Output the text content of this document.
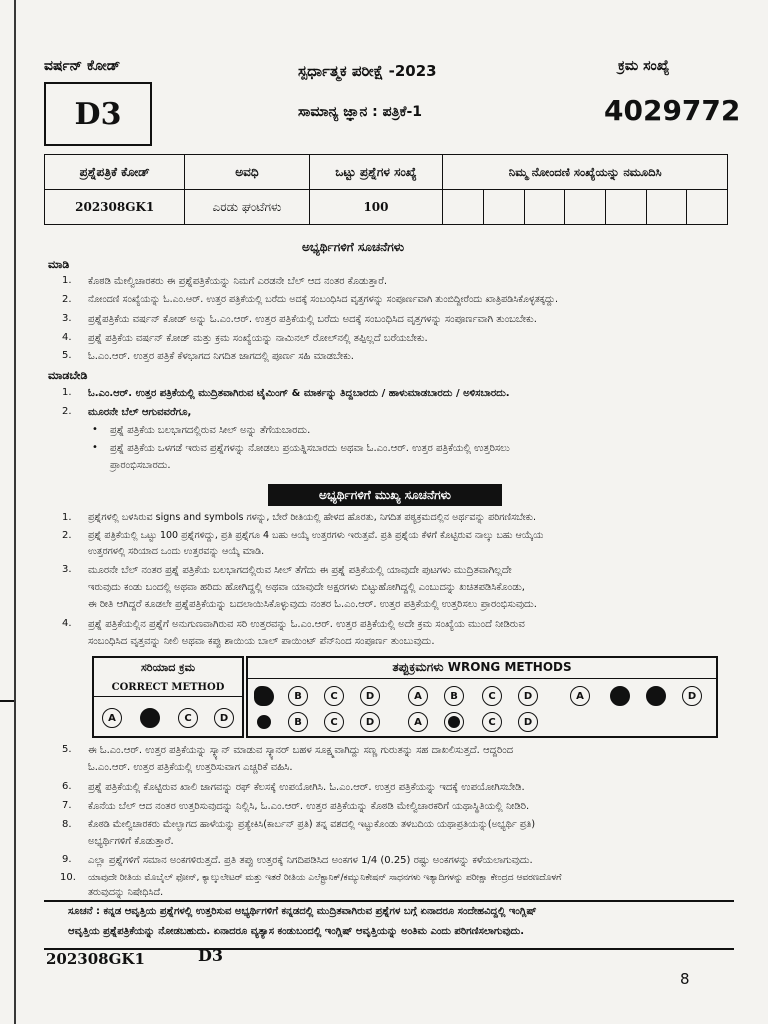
ವರ್ಷನ್ ಕೋಡ್
D3
ಸ್ಪರ್ಧಾತ್ಮಕ ಪರೀಕ್ಷೆ -2023
ಸಾಮಾನ್ಯ ಜ್ಞಾನ : ಪತ್ರಿಕೆ-1
ಕ್ರಮ ಸಂಖ್ಯೆ
4029772
ಪ್ರಶ್ನೆಪತ್ರಿಕೆ ಕೋಡ್	ಅವಧಿ	ಒಟ್ಟು ಪ್ರಶ್ನೆಗಳ ಸಂಖ್ಯೆ	ನಿಮ್ಮ ನೋಂದಣಿ ಸಂಖ್ಯೆಯನ್ನು ನಮೂದಿಸಿ						
202308GK1	ಎರಡು ಘಂಟೆಗಳು	100							
ಅಭ್ಯರ್ಥಿಗಳಿಗೆ ಸೂಚನೆಗಳು
ಮಾಡಿ
1. ಕೊಠಡಿ ಮೇಲ್ವಿಚಾರಕರು ಈ ಪ್ರಶ್ನೆಪತ್ರಿಕೆಯನ್ನು ನಿಮಗೆ ಎರಡನೇ ಬೆಲ್ ಆದ ನಂತರ ಕೊಡುತ್ತಾರೆ.
2. ನೋಂದಣಿ ಸಂಖ್ಯೆಯನ್ನು ಓ.ಎಂ.ಆರ್. ಉತ್ತರ ಪತ್ರಿಕೆಯಲ್ಲಿ ಬರೆದು ಅದಕ್ಕೆ ಸಂಬಂಧಿಸಿದ ವೃತ್ತಗಳನ್ನು ಸಂಪೂರ್ಣವಾಗಿ ತುಂಬಿದ್ದೀರೆಂದು ಖಾತ್ರಿಪಡಿಸಿಕೊಳ್ಳತಕ್ಕದ್ದು.
3. ಪ್ರಶ್ನೆಪತ್ರಿಕೆಯ ವರ್ಷನ್ ಕೋಡ್ ಅನ್ನು ಓ.ಎಂ.ಆರ್. ಉತ್ತರ ಪತ್ರಿಕೆಯಲ್ಲಿ ಬರೆದು ಅದಕ್ಕೆ ಸಂಬಂಧಿಸಿದ ವೃತ್ತಗಳನ್ನು ಸಂಪೂರ್ಣವಾಗಿ ತುಂಬಬೇಕು.
4. ಪ್ರಶ್ನೆ ಪತ್ರಿಕೆಯ ವರ್ಷನ್ ಕೋಡ್ ಮತ್ತು ಕ್ರಮ ಸಂಖ್ಯೆಯನ್ನು ನಾಮಿನಲ್ ರೋಲ್‌ನಲ್ಲಿ ತಪ್ಪಿಲ್ಲದೆ ಬರೆಯಬೇಕು.
5. ಓ.ಎಂ.ಆರ್. ಉತ್ತರ ಪತ್ರಿಕೆ ಕೆಳಭಾಗದ ನಿಗದಿತ ಜಾಗದಲ್ಲಿ ಪೂರ್ಣ ಸಹಿ ಮಾಡಬೇಕು.
ಮಾಡಬೇಡಿ
1. ಓ.ಎಂ.ಆರ್. ಉತ್ತರ ಪತ್ರಿಕೆಯಲ್ಲಿ ಮುದ್ರಿತವಾಗಿರುವ ಟೈಮಿಂಗ್ & ಮಾರ್ಕನ್ನು ತಿದ್ದಬಾರದು / ಹಾಳುಮಾಡಬಾರದು / ಅಳಿಸಬಾರದು.
2. ಮೂರನೇ ಬೆಲ್ ಆಗುವವರೆಗೂ,
• ಪ್ರಶ್ನೆ ಪತ್ರಿಕೆಯ ಬಲಭಾಗದಲ್ಲಿರುವ ಸೀಲ್ ಅನ್ನು ತೆಗೆಯಬಾರದು.
• ಪ್ರಶ್ನೆ ಪತ್ರಿಕೆಯ ಒಳಗಡೆ ಇರುವ ಪ್ರಶ್ನೆಗಳನ್ನು ನೋಡಲು ಪ್ರಯತ್ನಿಸಬಾರದು ಅಥವಾ ಓ.ಎಂ.ಆರ್. ಉತ್ತರ ಪತ್ರಿಕೆಯಲ್ಲಿ ಉತ್ತರಿಸಲು
ಪ್ರಾರಂಭಿಸಬಾರದು.
ಅಭ್ಯರ್ಥಿಗಳಿಗೆ ಮುಖ್ಯ ಸೂಚನೆಗಳು
1. ಪ್ರಶ್ನೆಗಳಲ್ಲಿ ಬಳಸಿರುವ signs and symbols ಗಳನ್ನು, ಬೇರೆ ರೀತಿಯಲ್ಲಿ ಹೇಳದ ಹೊರತು, ನಿಗದಿತ ಪಠ್ಯಕ್ರಮದಲ್ಲಿನ ಅರ್ಥವನ್ನು ಪರಿಗಣಿಸಬೇಕು.
2. ಪ್ರಶ್ನೆ ಪತ್ರಿಕೆಯಲ್ಲಿ ಒಟ್ಟು 100 ಪ್ರಶ್ನೆಗಳಿದ್ದು, ಪ್ರತಿ ಪ್ರಶ್ನೆಗೂ 4 ಬಹು ಆಯ್ಕೆ ಉತ್ತರಗಳು ಇರುತ್ತವೆ. ಪ್ರತಿ ಪ್ರಶ್ನೆಯ ಕೆಳಗೆ ಕೊಟ್ಟಿರುವ ನಾಲ್ಕು ಬಹು ಆಯ್ಕೆಯ
ಉತ್ತರಗಳಲ್ಲಿ ಸರಿಯಾದ ಒಂದು ಉತ್ತರವನ್ನು ಆಯ್ಕೆ ಮಾಡಿ.
3. ಮೂರನೇ ಬೆಲ್ ನಂತರ ಪ್ರಶ್ನೆ ಪತ್ರಿಕೆಯ ಬಲಭಾಗದಲ್ಲಿರುವ ಸೀಲ್ ತೆಗೆದು ಈ ಪ್ರಶ್ನೆ ಪತ್ರಿಕೆಯಲ್ಲಿ ಯಾವುದೇ ಪುಟಗಳು ಮುದ್ರಿತವಾಗಿಲ್ಲದೇ
ಇರುವುದು ಕಂಡು ಬಂದಲ್ಲಿ ಅಥವಾ ಹರಿದು ಹೋಗಿದ್ದಲ್ಲಿ ಅಥವಾ ಯಾವುದೇ ಅಕ್ಷರಗಳು ಬಿಟ್ಟುಹೋಗಿದ್ದಲ್ಲಿ ಎಂಬುದನ್ನು ಖಚಿತಪಡಿಸಿಕೊಂಡು,
ಈ ರೀತಿ ಆಗಿದ್ದರೆ ಕೂಡಲೇ ಪ್ರಶ್ನೆಪತ್ರಿಕೆಯನ್ನು ಬದಲಾಯಿಸಿಕೊಳ್ಳುವುದು ನಂತರ ಓ.ಎಂ.ಆರ್. ಉತ್ತರ ಪತ್ರಿಕೆಯಲ್ಲಿ ಉತ್ತರಿಸಲು ಪ್ರಾರಂಭಿಸುವುದು.
4. ಪ್ರಶ್ನೆ ಪತ್ರಿಕೆಯಲ್ಲಿನ ಪ್ರಶ್ನೆಗೆ ಅನುಗುಣವಾಗಿರುವ ಸರಿ ಉತ್ತರವನ್ನು ಓ.ಎಂ.ಆರ್. ಉತ್ತರ ಪತ್ರಿಕೆಯಲ್ಲಿ ಅದೇ ಕ್ರಮ ಸಂಖ್ಯೆಯ ಮುಂದೆ ನೀಡಿರುವ
ಸಂಬಂಧಿಸಿದ ವೃತ್ತವನ್ನು ನೀಲಿ ಅಥವಾ ಕಪ್ಪು ಶಾಯಿಯ ಬಾಲ್ ಪಾಯಿಂಟ್ ಪೆನ್‌ನಿಂದ ಸಂಪೂರ್ಣ ತುಂಬುವುದು.
ಸರಿಯಾದ ಕ್ರಮ
CORRECT METHOD
A	C	D
ತಪ್ಪುಕ್ರಮಗಳು WRONG METHODS
B	C	D	A	B	C	D	A	D
B	C	D	A	C	D
5. ಈ ಓ.ಎಂ.ಆರ್. ಉತ್ತರ ಪತ್ರಿಕೆಯನ್ನು ಸ್ಕ್ಯಾನ್ ಮಾಡುವ ಸ್ಕ್ಯಾನರ್ ಬಹಳ ಸೂಕ್ಷ್ಮವಾಗಿದ್ದು ಸಣ್ಣ ಗುರುತನ್ನು ಸಹ ದಾಖಲಿಸುತ್ತದೆ. ಆದ್ದರಿಂದ
ಓ.ಎಂ.ಆರ್. ಉತ್ತರ ಪತ್ರಿಕೆಯಲ್ಲಿ ಉತ್ತರಿಸುವಾಗ ಎಚ್ಚರಿಕೆ ವಹಿಸಿ.
6. ಪ್ರಶ್ನೆ ಪತ್ರಿಕೆಯಲ್ಲಿ ಕೊಟ್ಟಿರುವ ಖಾಲಿ ಜಾಗವನ್ನು ರಫ್ ಕೆಲಸಕ್ಕೆ ಉಪಯೋಗಿಸಿ. ಓ.ಎಂ.ಆರ್. ಉತ್ತರ ಪತ್ರಿಕೆಯನ್ನು ಇದಕ್ಕೆ ಉಪಯೋಗಿಸಬೇಡಿ.
7. ಕೊನೆಯ ಬೆಲ್ ಆದ ನಂತರ ಉತ್ತರಿಸುವುದನ್ನು ನಿಲ್ಲಿಸಿ, ಓ.ಎಂ.ಆರ್. ಉತ್ತರ ಪತ್ರಿಕೆಯನ್ನು ಕೊಠಡಿ ಮೇಲ್ವಿಚಾರಕರಿಗೆ ಯಥಾಸ್ಥಿತಿಯಲ್ಲಿ ನೀಡಿರಿ.
8. ಕೊಠಡಿ ಮೇಲ್ವಿಚಾರಕರು ಮೇಲ್ಭಾಗದ ಹಾಳೆಯನ್ನು ಪ್ರತ್ಯೇಕಿಸಿ(ಕಾರ್ಬನ್ ಪ್ರತಿ) ತನ್ನ ವಶದಲ್ಲಿ ಇಟ್ಟುಕೊಂಡು ತಳಬದಿಯ ಯಥಾಪ್ರತಿಯನ್ನು(ಅಭ್ಯರ್ಥಿ ಪ್ರತಿ)
ಅಭ್ಯರ್ಥಿಗಳಿಗೆ ಕೊಡುತ್ತಾರೆ.
9. ಎಲ್ಲಾ ಪ್ರಶ್ನೆಗಳಿಗೆ ಸಮಾನ ಅಂಕಗಳಿರುತ್ತದೆ. ಪ್ರತಿ ತಪ್ಪು ಉತ್ತರಕ್ಕೆ ನಿಗದಿಪಡಿಸಿದ ಅಂಕಗಳ 1/4 (0.25) ರಷ್ಟು ಅಂಕಗಳನ್ನು ಕಳೆಯಲಾಗುವುದು.
10. ಯಾವುದೇ ರೀತಿಯ ಮೊಬೈಲ್ ಫೋನ್, ಕ್ಯಾಲ್ಕುಲೇಟರ್ ಮತ್ತು ಇತರೆ ರೀತಿಯ ಎಲೆಕ್ಟ್ರಾನಿಕ್/ಕಮ್ಯುನಿಕೇಷನ್ ಸಾಧನಗಳು ಇತ್ಯಾದಿಗಳನ್ನು ಪರೀಕ್ಷಾ ಕೇಂದ್ರದ ಆವರಣದೊಳಗೆ
ತರುವುದನ್ನು ನಿಷೇಧಿಸಿದೆ.
ಸೂಚನೆ : ಕನ್ನಡ ಆವೃತ್ತಿಯ ಪ್ರಶ್ನೆಗಳಲ್ಲಿ ಉತ್ತರಿಸುವ ಅಭ್ಯರ್ಥಿಗಳಿಗೆ ಕನ್ನಡದಲ್ಲಿ ಮುದ್ರಿತವಾಗಿರುವ ಪ್ರಶ್ನೆಗಳ ಬಗ್ಗೆ ಏನಾದರೂ ಸಂದೇಹವಿದ್ದಲ್ಲಿ ಇಂಗ್ಲಿಷ್
ಆವೃತ್ತಿಯ ಪ್ರಶ್ನೆಪತ್ರಿಕೆಯನ್ನು ನೋಡಬಹುದು. ಏನಾದರೂ ವ್ಯತ್ಯಾಸ ಕಂಡುಬಂದಲ್ಲಿ ಇಂಗ್ಲಿಷ್ ಆವೃತ್ತಿಯನ್ನು ಅಂತಿಮ ಎಂದು ಪರಿಗಣಿಸಲಾಗುವುದು.
202308GK1	D3
8
